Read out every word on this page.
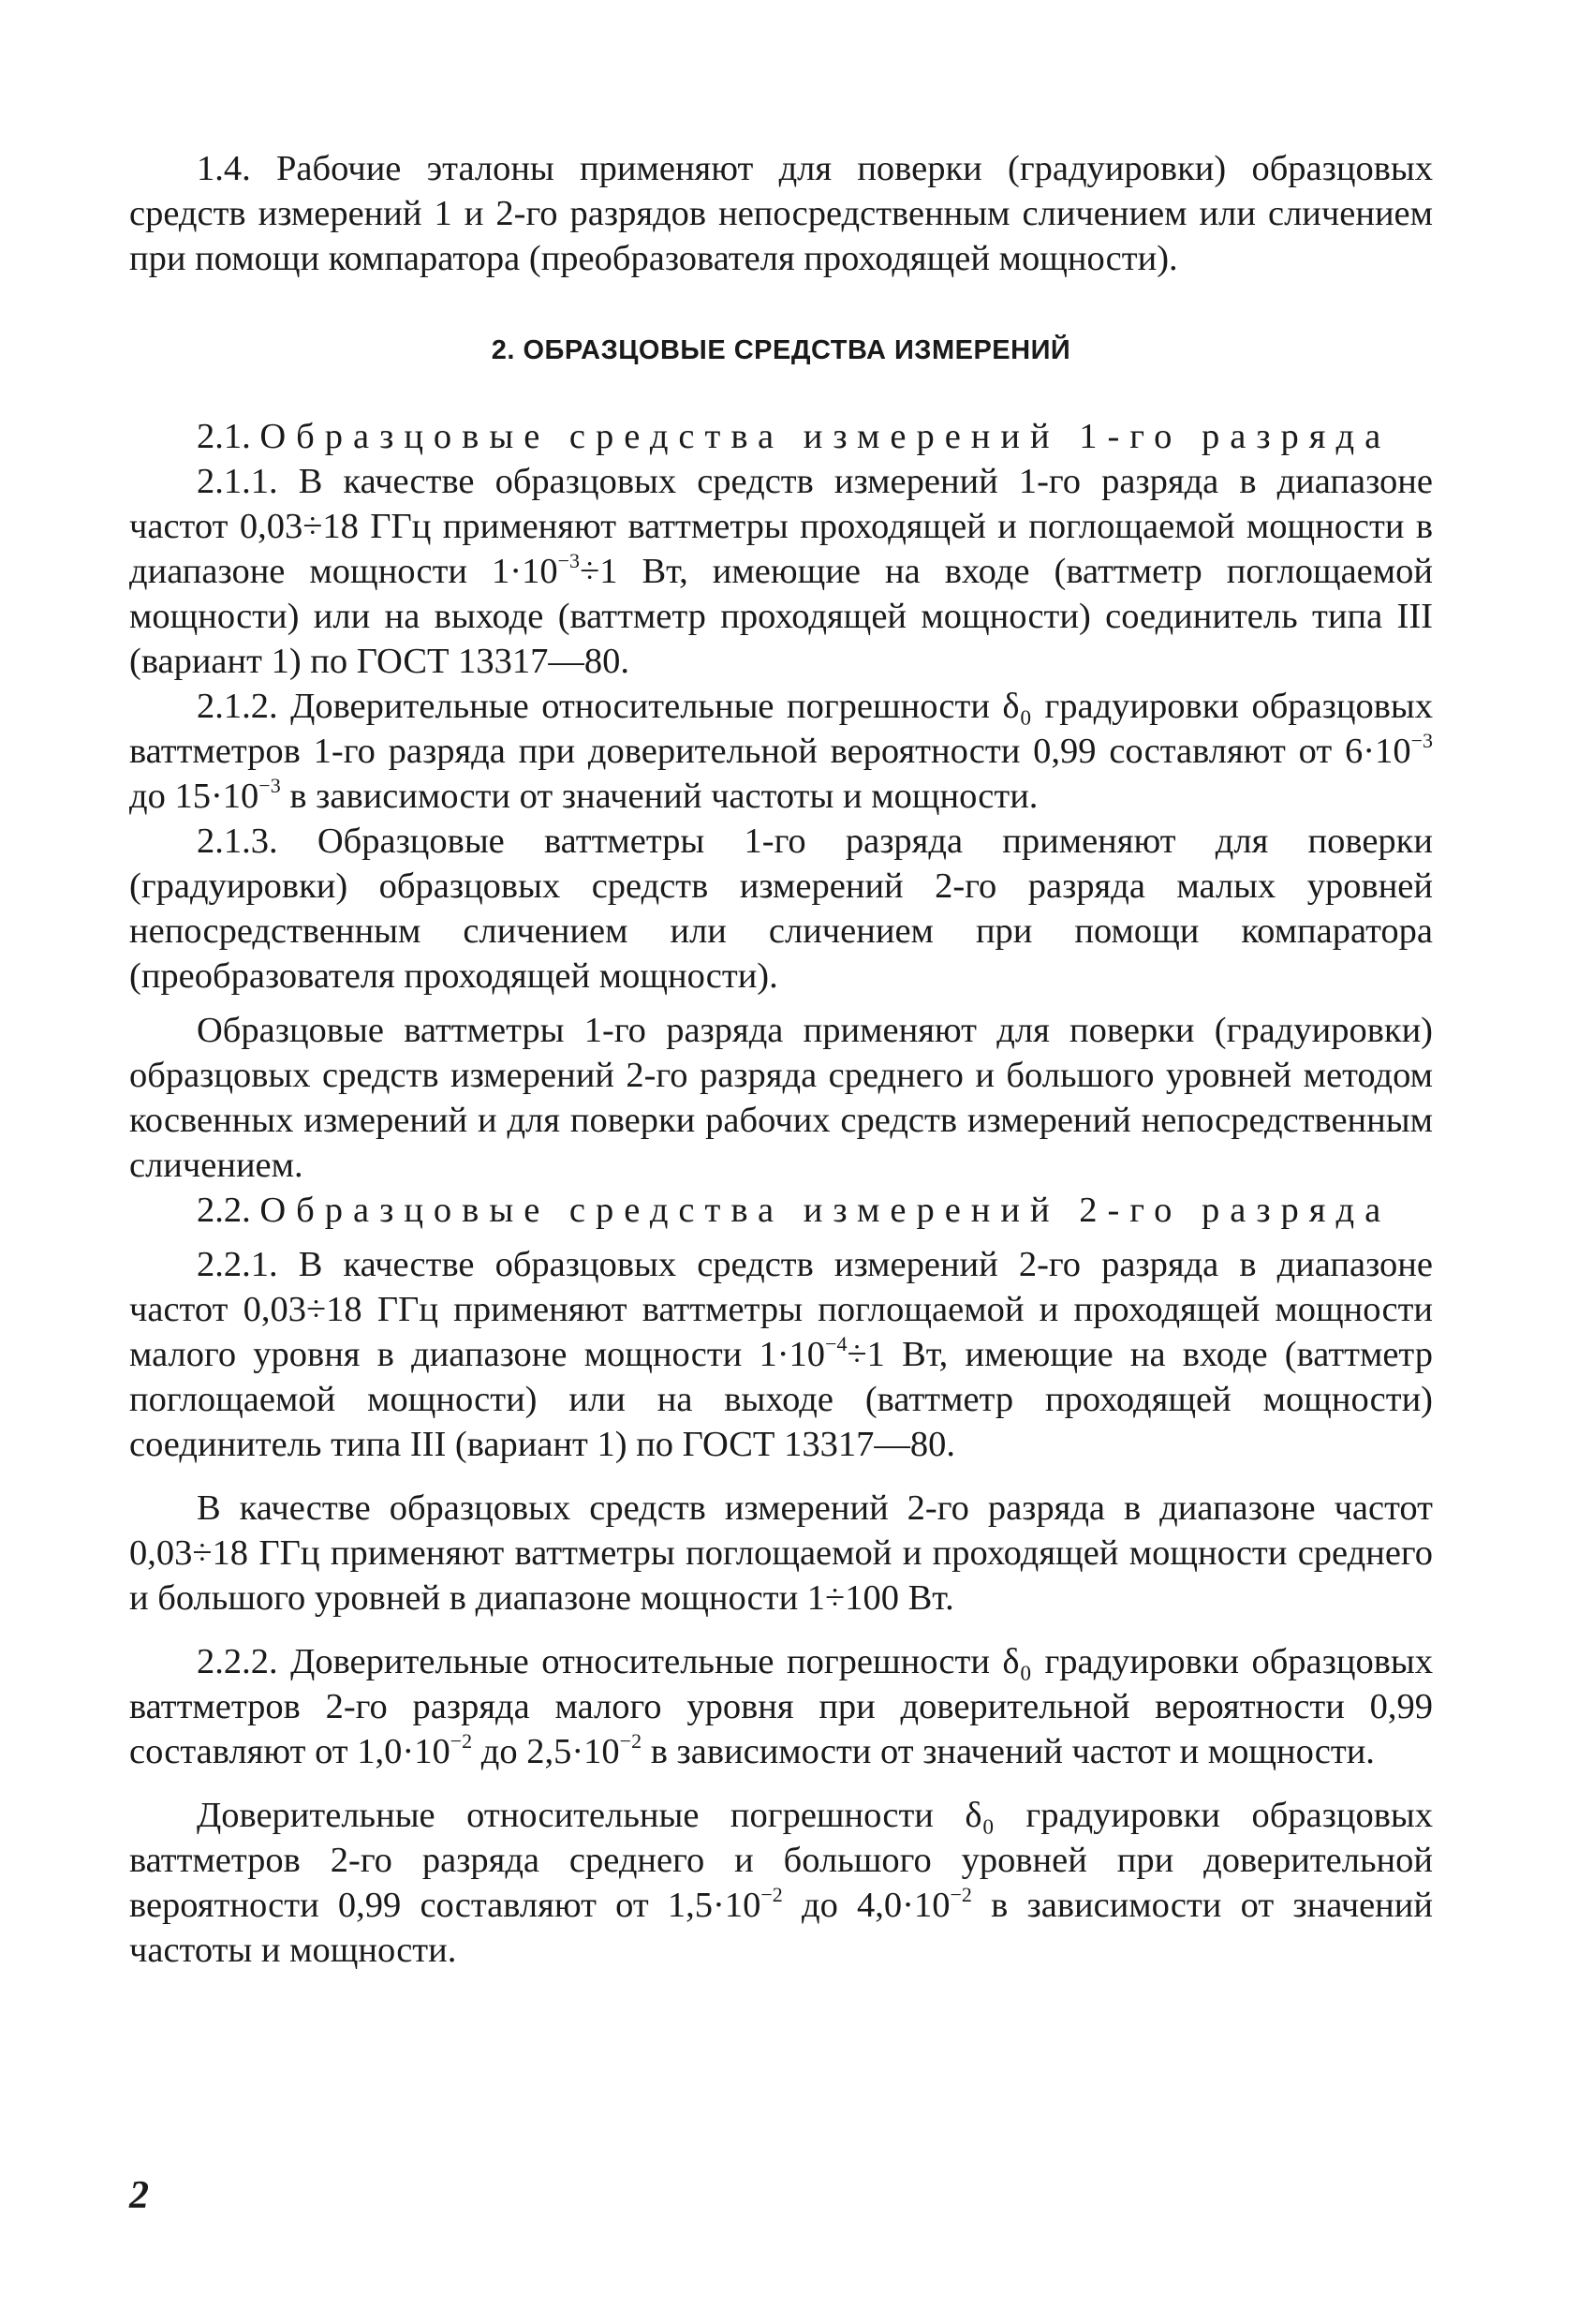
1.4. Рабочие эталоны применяют для поверки (градуировки) образцовых средств измерений 1 и 2-го разрядов непосредственным сличением или сличением при помощи компаратора (преобразователя проходящей мощности).

2. ОБРАЗЦОВЫЕ СРЕДСТВА ИЗМЕРЕНИЙ

2.1. Образцовые средства измерений 1-го разряда

2.1.1. В качестве образцовых средств измерений 1-го разряда в диапазоне частот 0,03÷18 ГГц применяют ваттметры проходящей и поглощаемой мощности в диапазоне мощности $1\cdot 10^{-3}\div 1$ Вт, имеющие на входе (ваттметр поглощаемой мощности) или на выходе (ваттметр проходящей мощности) соединитель типа III (вариант 1) по ГОСТ 13317—80.

2.1.2. Доверительные относительные погрешности δ₀ градуировки образцовых ваттметров 1-го разряда при доверительной вероятности 0,99 составляют от $6\cdot 10^{-3}$ до $15\cdot 10^{-3}$ в зависимости от значений частоты и мощности.

2.1.3. Образцовые ваттметры 1-го разряда применяют для поверки (градуировки) образцовых средств измерений 2-го разряда малых уровней непосредственным сличением или сличением при помощи компаратора (преобразователя проходящей мощности).

Образцовые ваттметры 1-го разряда применяют для поверки (градуировки) образцовых средств измерений 2-го разряда среднего и большого уровней методом косвенных измерений и для поверки рабочих средств измерений непосредственным сличением.

2.2. Образцовые средства измерений 2-го разряда

2.2.1. В качестве образцовых средств измерений 2-го разряда в диапазоне частот 0,03÷18 ГГц применяют ваттметры поглощаемой и проходящей мощности малого уровня в диапазоне мощности $1\cdot 10^{-4}\div 1$ Вт, имеющие на входе (ваттметр поглощаемой мощности) или на выходе (ваттметр проходящей мощности) соединитель типа III (вариант 1) по ГОСТ 13317—80.

В качестве образцовых средств измерений 2-го разряда в диапазоне частот 0,03÷18 ГГц применяют ваттметры поглощаемой и проходящей мощности среднего и большого уровней в диапазоне мощности 1÷100 Вт.

2.2.2. Доверительные относительные погрешности δ₀ градуировки образцовых ваттметров 2-го разряда малого уровня при доверительной вероятности 0,99 составляют от $1,0\cdot 10^{-2}$ до $2,5\cdot 10^{-2}$ в зависимости от значений частот и мощности.

Доверительные относительные погрешности δ₀ градуировки образцовых ваттметров 2-го разряда среднего и большого уровней при доверительной вероятности 0,99 составляют от $1,5\cdot 10^{-2}$ до $4,0\cdot 10^{-2}$ в зависимости от значений частоты и мощности.

2
